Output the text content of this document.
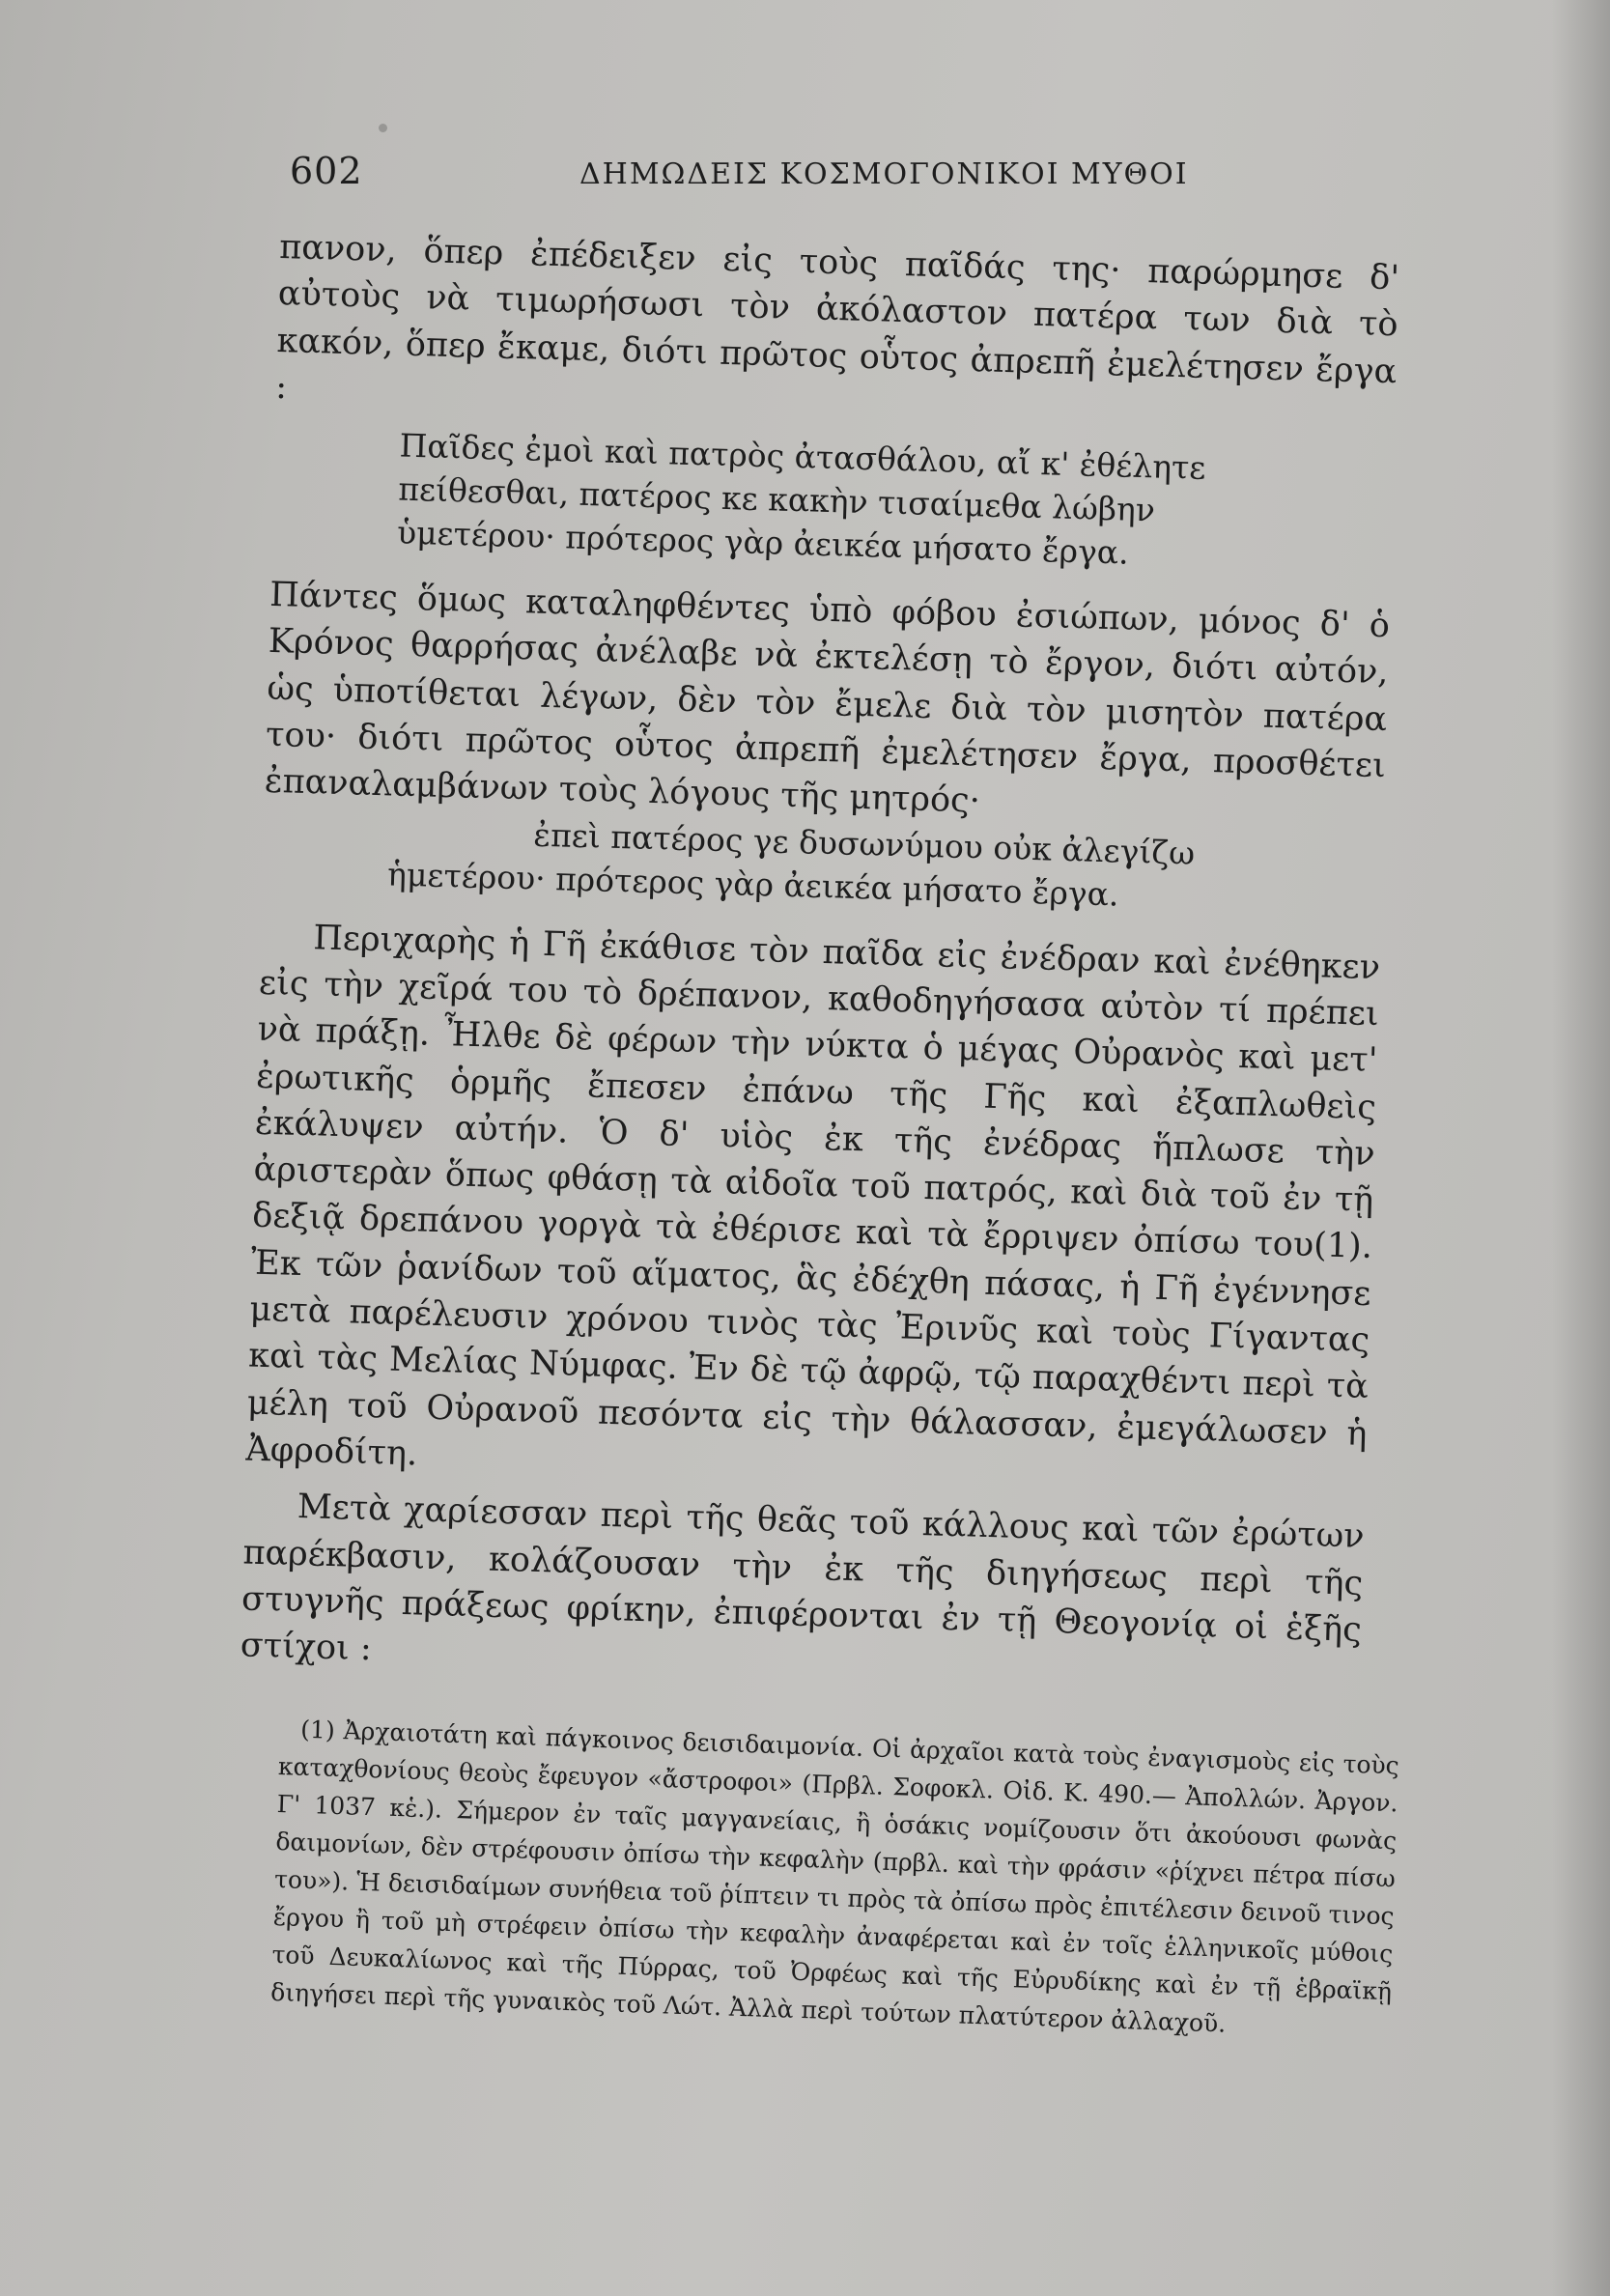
602	ΔΗΜΩΔΕΙΣ ΚΟΣΜΟΓΟΝΙΚΟΙ ΜΥΘΟΙ

πανον, ὅπερ ἐπέδειξεν εἰς τοὺς παῖδάς της· παρώρμησε δ' αὐτοὺς νὰ τιμωρήσωσι τὸν ἀκόλαστον πατέρα των διὰ τὸ κακόν, ὅπερ ἔκαμε, διότι πρῶτος οὗτος ἀπρεπῆ ἐμελέτησεν ἔργα :

Παῖδες ἐμοὶ καὶ πατρὸς ἀτασθάλου, αἴ κ' ἐθέλητε
πείθεσθαι, πατέρος κε κακὴν τισαίμεθα λώβην
ὑμετέρου· πρότερος γὰρ ἀεικέα μήσατο ἔργα.

Πάντες ὅμως καταληφθέντες ὑπὸ φόβου ἐσιώπων, μόνος δ' ὁ Κρόνος θαρρήσας ἀνέλαβε νὰ ἐκτελέσῃ τὸ ἔργον, διότι αὐτόν, ὡς ὑποτίθεται λέγων, δὲν τὸν ἔμελε διὰ τὸν μισητὸν πατέρα του· διότι πρῶτος οὗτος ἀπρεπῆ ἐμελέτησεν ἔργα, προσθέτει ἐπαναλαμβάνων τοὺς λόγους τῆς μητρός·

ἐπεὶ πατέρος γε δυσωνύμου οὐκ ἀλεγίζω
ἡμετέρου· πρότερος γὰρ ἀεικέα μήσατο ἔργα.

Περιχαρὴς ἡ Γῆ ἐκάθισε τὸν παῖδα εἰς ἐνέδραν καὶ ἐνέθηκεν εἰς τὴν χεῖρά του τὸ δρέπανον, καθοδηγήσασα αὐτὸν τί πρέπει νὰ πράξῃ. Ἦλθε δὲ φέρων τὴν νύκτα ὁ μέγας Οὐρανὸς καὶ μετ' ἐρωτικῆς ὁρμῆς ἔπεσεν ἐπάνω τῆς Γῆς καὶ ἐξαπλωθεὶς ἐκάλυψεν αὐτήν. Ὁ δ' υἱὸς ἐκ τῆς ἐνέδρας ἥπλωσε τὴν ἀριστερὰν ὅπως φθάσῃ τὰ αἰδοῖα τοῦ πατρός, καὶ διὰ τοῦ ἐν τῇ δεξιᾷ δρεπάνου γοργὰ τὰ ἐθέρισε καὶ τὰ ἔρριψεν ὀπίσω του(1). Ἐκ τῶν ῥανίδων τοῦ αἵματος, ἃς ἐδέχθη πάσας, ἡ Γῆ ἐγέννησε μετὰ παρέλευσιν χρόνου τινὸς τὰς Ἐρινῦς καὶ τοὺς Γίγαντας καὶ τὰς Μελίας Νύμφας. Ἐν δὲ τῷ ἀφρῷ, τῷ παραχθέντι περὶ τὰ μέλη τοῦ Οὐρανοῦ πεσόντα εἰς τὴν θάλασσαν, ἐμεγάλωσεν ἡ Ἀφροδίτη.

Μετὰ χαρίεσσαν περὶ τῆς θεᾶς τοῦ κάλλους καὶ τῶν ἐρώτων παρέκβασιν, κολάζουσαν τὴν ἐκ τῆς διηγήσεως περὶ τῆς στυγνῆς πράξεως φρίκην, ἐπιφέρονται ἐν τῇ Θεογονίᾳ οἱ ἑξῆς στίχοι :

(1) Ἀρχαιοτάτη καὶ πάγκοινος δεισιδαιμονία. Οἱ ἀρχαῖοι κατὰ τοὺς ἐναγισμοὺς εἰς τοὺς καταχθονίους θεοὺς ἔφευγον «ἄστροφοι» (Πρβλ. Σοφοκλ. Οἰδ. Κ. 490.— Ἀπολλών. Ἀργον. Γ' 1037 κἑ.). Σήμερον ἐν ταῖς μαγγανείαις, ἢ ὁσάκις νομίζουσιν ὅτι ἀκούουσι φωνὰς δαιμονίων, δὲν στρέφουσιν ὀπίσω τὴν κεφαλὴν (πρβλ. καὶ τὴν φράσιν «ῥίχνει πέτρα πίσω του»). Ἡ δεισιδαίμων συνήθεια τοῦ ῥίπτειν τι πρὸς τὰ ὀπίσω πρὸς ἐπιτέλεσιν δεινοῦ τινος ἔργου ἢ τοῦ μὴ στρέφειν ὀπίσω τὴν κεφαλὴν ἀναφέρεται καὶ ἐν τοῖς ἑλληνικοῖς μύθοις τοῦ Δευκαλίωνος καὶ τῆς Πύρρας, τοῦ Ὀρφέως καὶ τῆς Εὐρυδίκης καὶ ἐν τῇ ἑβραϊκῇ διηγήσει περὶ τῆς γυναικὸς τοῦ Λώτ. Ἀλλὰ περὶ τούτων πλατύτερον ἀλλαχοῦ.
